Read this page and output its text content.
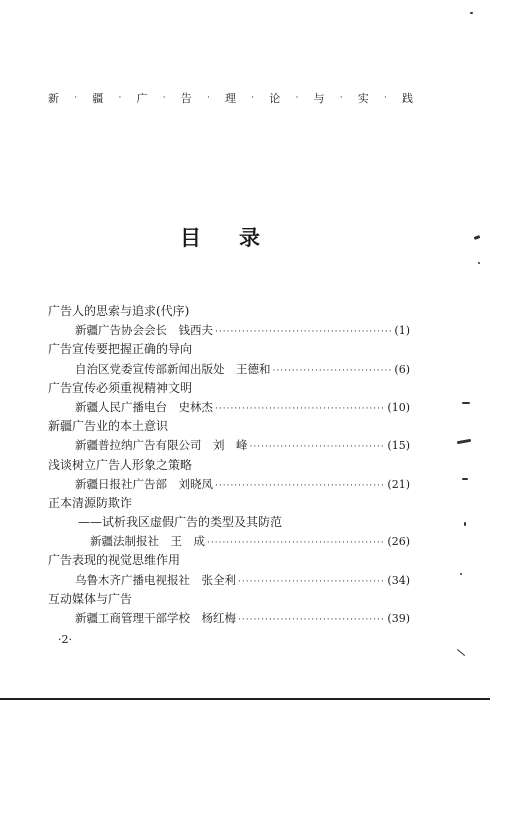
新 · 疆 · 广 · 告 · 理 · 论 · 与 · 实 · 践
目录
广告人的思索与追求(代序)
新疆广告协会会长　钱西夫 ·····	(1)
广告宣传要把握正确的导向
自治区党委宣传部新闻出版处　王德和 ·····	(6)
广告宣传必须重视精神文明
新疆人民广播电台　史林杰 ·····	(10)
新疆广告业的本土意识
新疆普拉纳广告有限公司　刘　峰 ·····	(15)
浅谈树立广告人形象之策略
新疆日报社广告部　刘晓凤 ·····	(21)
正本清源防欺诈
——试析我区虚假广告的类型及其防范
新疆法制报社　王　成 ·····	(26)
广告表现的视觉思维作用
乌鲁木齐广播电视报社　张全利 ·····	(34)
互动媒体与广告
新疆工商管理干部学校　杨红梅 ·····	(39)
·2·
